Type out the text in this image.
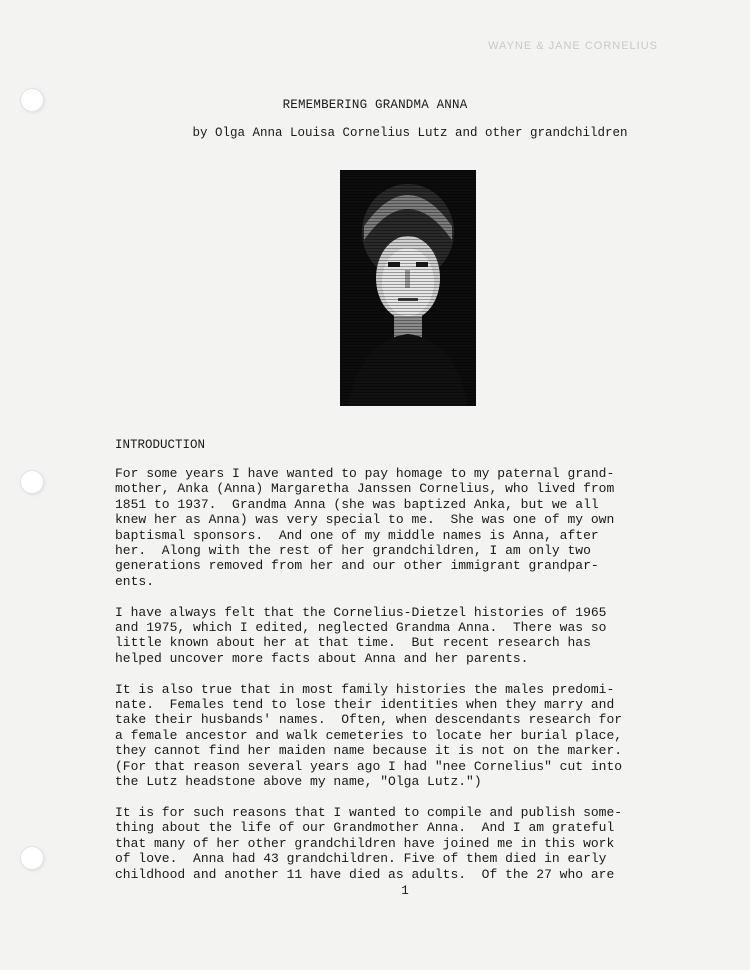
WAYNE & JANE CORNELIUS
REMEMBERING GRANDMA ANNA
by Olga Anna Louisa Cornelius Lutz and other grandchildren
INTRODUCTION

For some years I have wanted to pay homage to my paternal grand-
mother, Anka (Anna) Margaretha Janssen Cornelius, who lived from
1851 to 1937.  Grandma Anna (she was baptized Anka, but we all
knew her as Anna) was very special to me.  She was one of my own
baptismal sponsors.  And one of my middle names is Anna, after
her.  Along with the rest of her grandchildren, I am only two
generations removed from her and our other immigrant grandpar-
ents.

I have always felt that the Cornelius-Dietzel histories of 1965
and 1975, which I edited, neglected Grandma Anna.  There was so
little known about her at that time.  But recent research has
helped uncover more facts about Anna and her parents.

It is also true that in most family histories the males predomi-
nate.  Females tend to lose their identities when they marry and
take their husbands' names.  Often, when descendants research for
a female ancestor and walk cemeteries to locate her burial place,
they cannot find her maiden name because it is not on the marker.
(For that reason several years ago I had "nee Cornelius" cut into
the Lutz headstone above my name, "Olga Lutz.")

It is for such reasons that I wanted to compile and publish some-
thing about the life of our Grandmother Anna.  And I am grateful
that many of her other grandchildren have joined me in this work
of love.  Anna had 43 grandchildren. Five of them died in early
childhood and another 11 have died as adults.  Of the 27 who are

1
